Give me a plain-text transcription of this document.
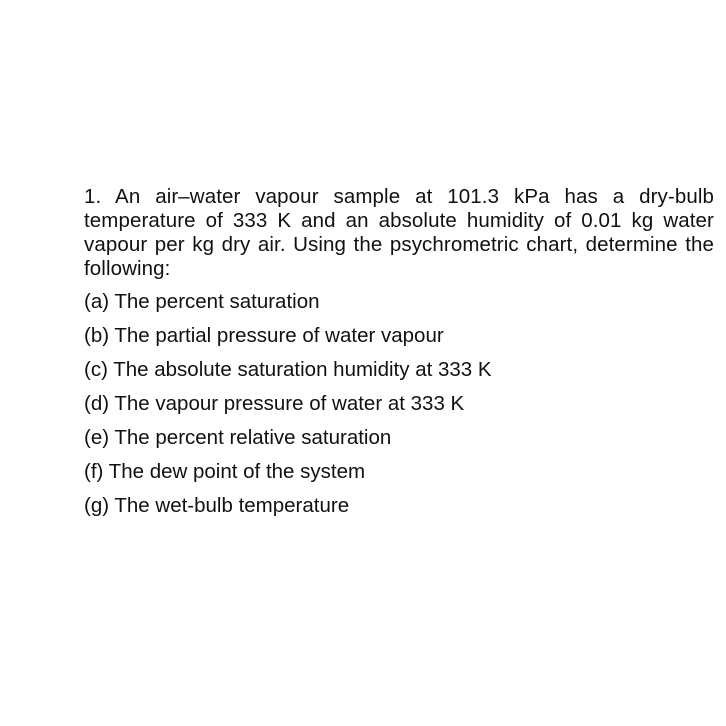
1. An air–water vapour sample at 101.3 kPa has a dry-bulb temperature of 333 K and an absolute humidity of 0.01 kg water vapour per kg dry air. Using the psychrometric chart, determine the following:

(a) The percent saturation
(b) The partial pressure of water vapour
(c) The absolute saturation humidity at 333 K
(d) The vapour pressure of water at 333 K
(e) The percent relative saturation
(f) The dew point of the system
(g) The wet-bulb temperature
